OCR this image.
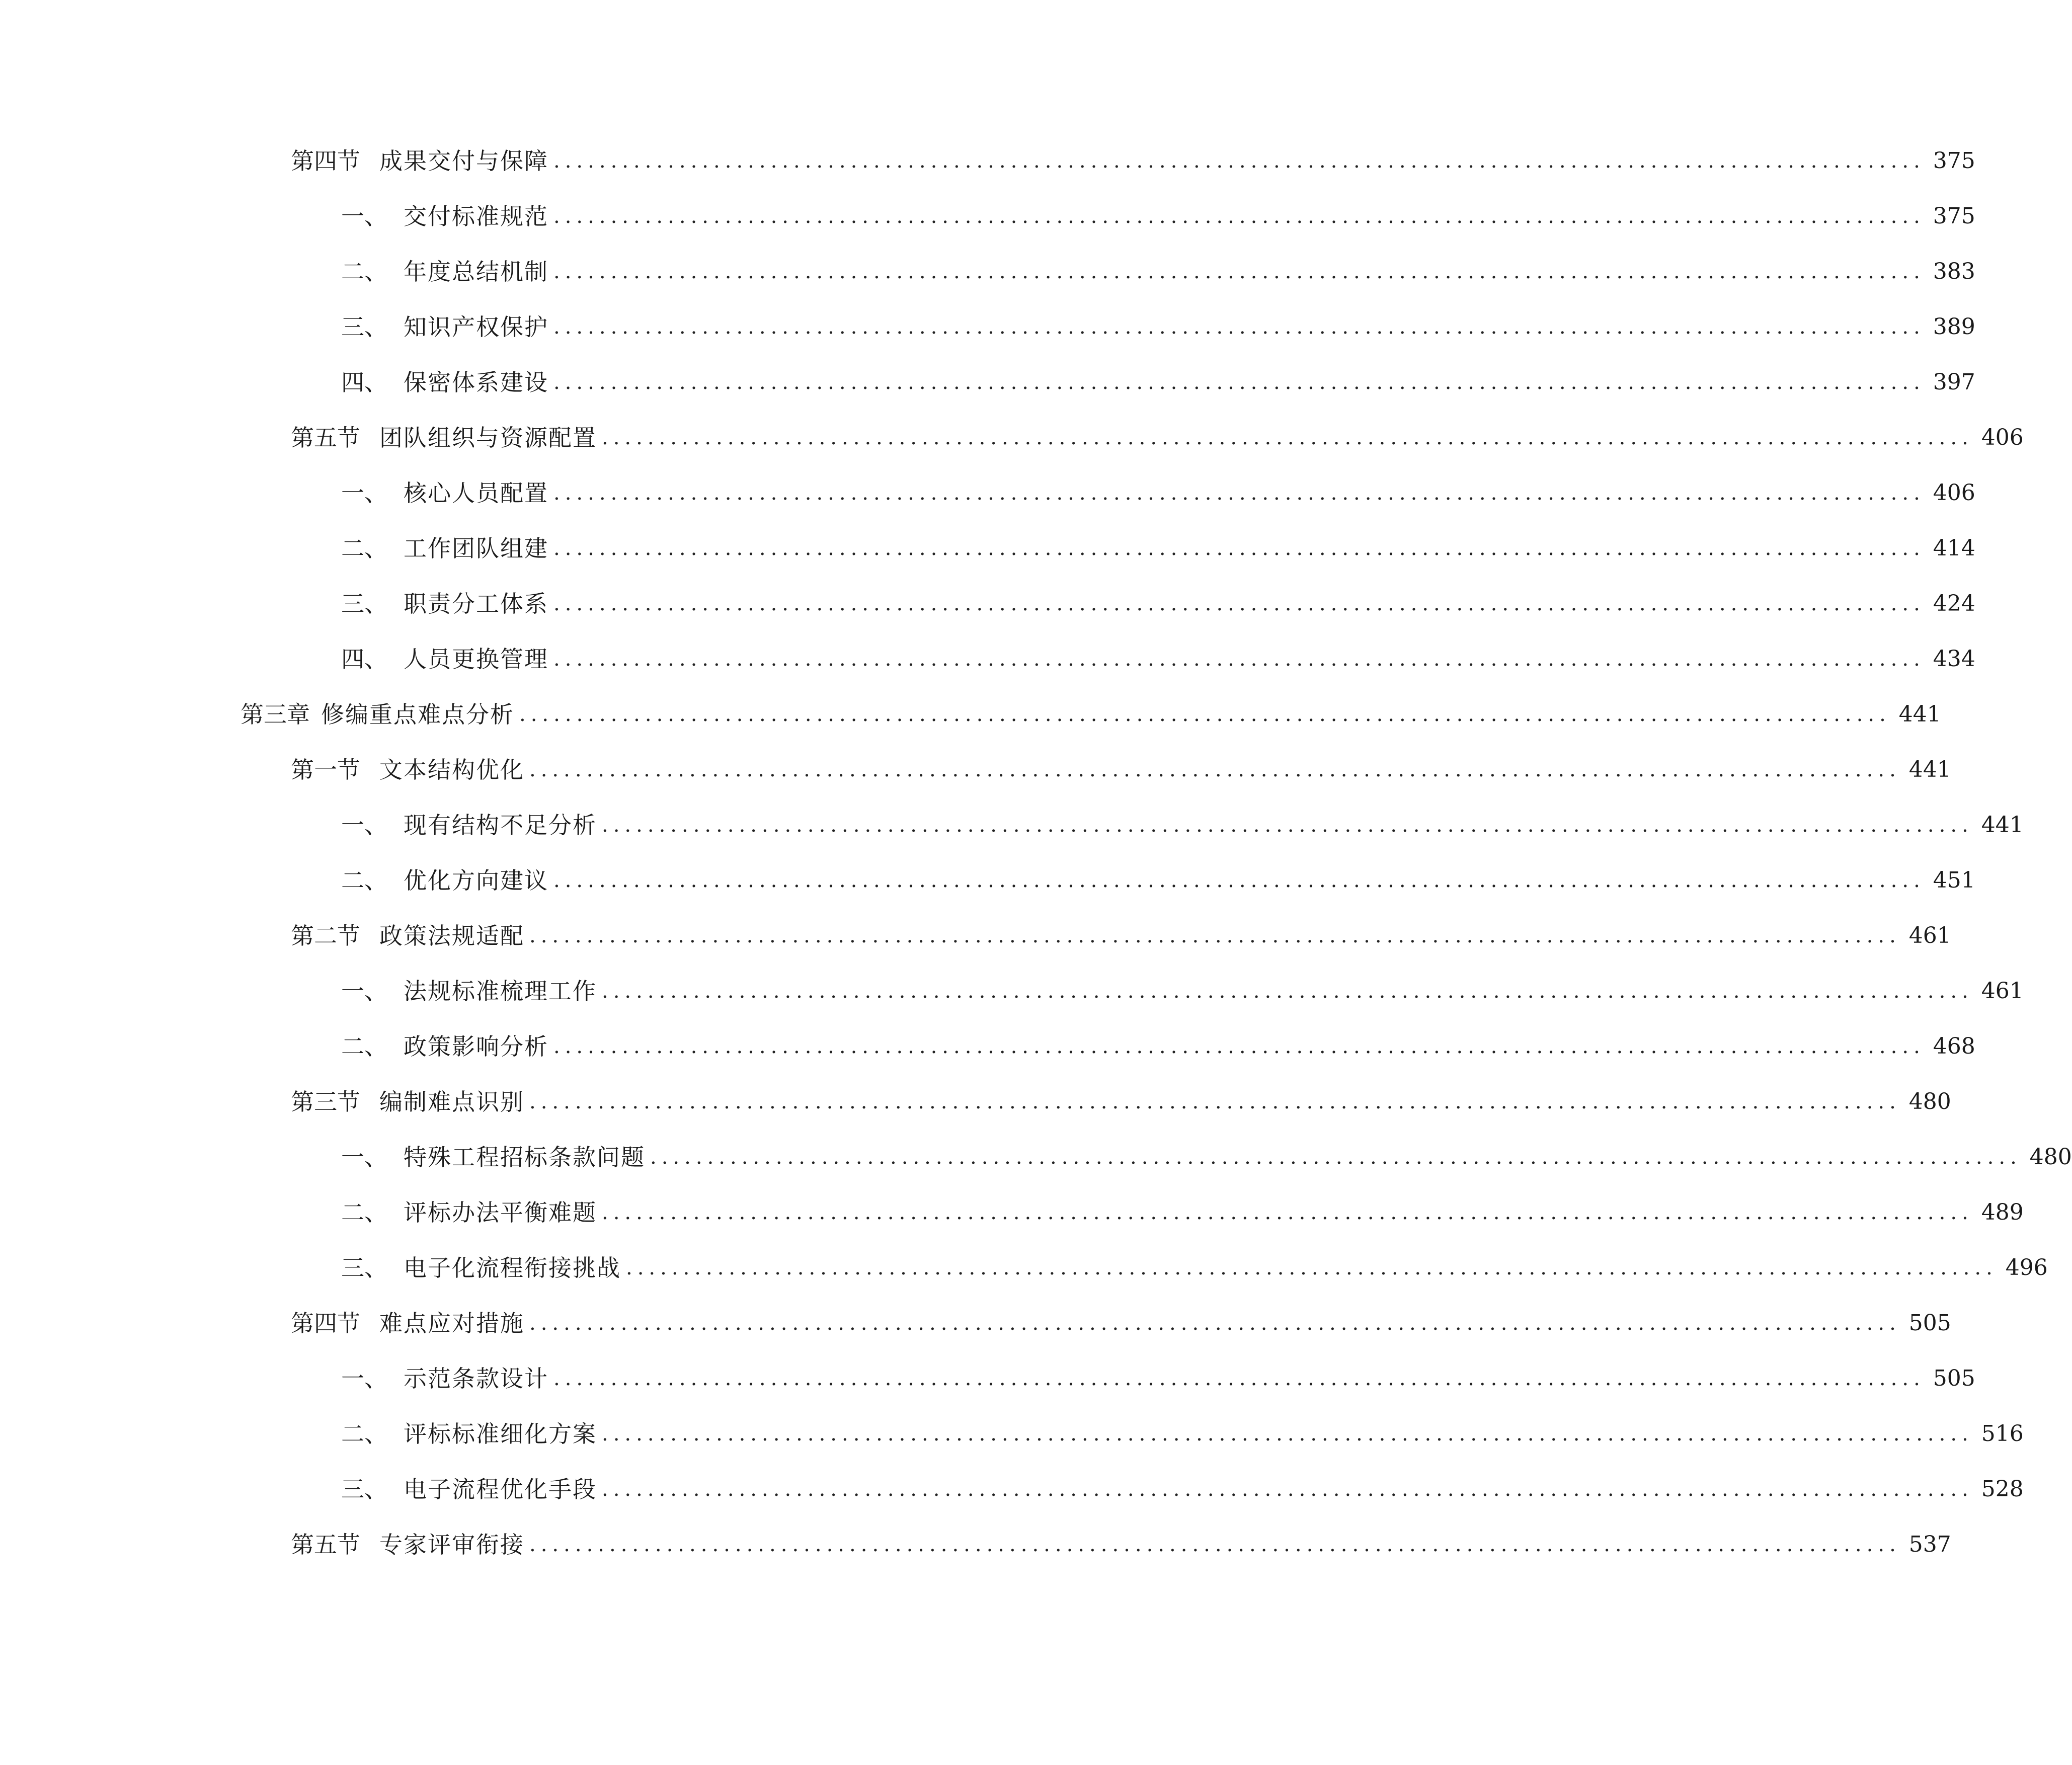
第四节 成果交付与保障 ........................................................................................................................ 375
一、 交付标准规范 ........................................................................................................................ 375
二、 年度总结机制 ........................................................................................................................ 383
三、 知识产权保护 ........................................................................................................................ 389
四、 保密体系建设 ........................................................................................................................ 397
第五节 团队组织与资源配置 ........................................................................................................................ 406
一、 核心人员配置 ........................................................................................................................ 406
二、 工作团队组建 ........................................................................................................................ 414
三、 职责分工体系 ........................................................................................................................ 424
四、 人员更换管理 ........................................................................................................................ 434
第三章 修编重点难点分析 ........................................................................................................................ 441
第一节 文本结构优化 ........................................................................................................................ 441
一、 现有结构不足分析 ........................................................................................................................ 441
二、 优化方向建议 ........................................................................................................................ 451
第二节 政策法规适配 ........................................................................................................................ 461
一、 法规标准梳理工作 ........................................................................................................................ 461
二、 政策影响分析 ........................................................................................................................ 468
第三节 编制难点识别 ........................................................................................................................ 480
一、 特殊工程招标条款问题 ........................................................................................................................ 480
二、 评标办法平衡难题 ........................................................................................................................ 489
三、 电子化流程衔接挑战 ........................................................................................................................ 496
第四节 难点应对措施 ........................................................................................................................ 505
一、 示范条款设计 ........................................................................................................................ 505
二、 评标标准细化方案 ........................................................................................................................ 516
三、 电子流程优化手段 ........................................................................................................................ 528
第五节 专家评审衔接 ........................................................................................................................ 537
